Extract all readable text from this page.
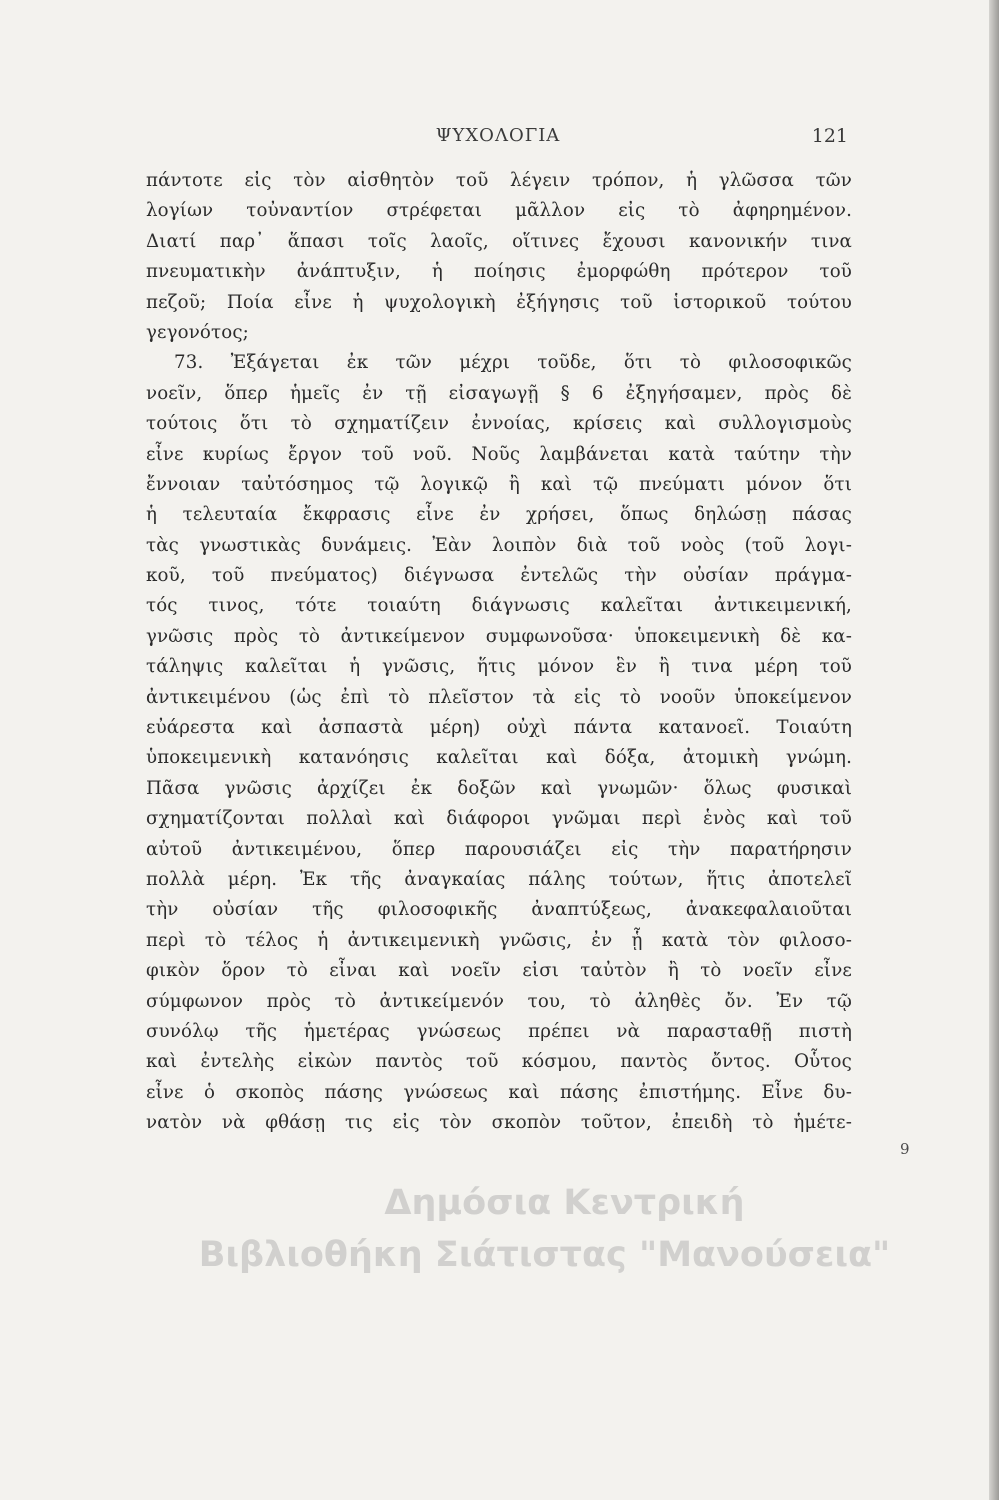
ΨΥΧΟΛΟΓΙΑ	121
πάντοτε εἰς τὸν αἰσθητὸν τοῦ λέγειν τρόπον, ἡ γλῶσσα τῶν
λογίων τοὐναντίον στρέφεται μᾶλλον εἰς τὸ ἀφηρημένον.
Διατί παρ᾽ ἅπασι τοῖς λαοῖς, οἵτινες ἔχουσι κανονικήν τινα
πνευματικὴν ἀνάπτυξιν, ἡ ποίησις ἐμορφώθη πρότερον τοῦ
πεζοῦ; Ποία εἶνε ἡ ψυχολογικὴ ἐξήγησις τοῦ ἱστορικοῦ τούτου
γεγονότος;
73. Ἐξάγεται ἐκ τῶν μέχρι τοῦδε, ὅτι τὸ φιλοσοφικῶς
νοεῖν, ὅπερ ἡμεῖς ἐν τῇ εἰσαγωγῇ § 6 ἐξηγήσαμεν, πρὸς δὲ
τούτοις ὅτι τὸ σχηματίζειν ἐννοίας, κρίσεις καὶ συλλογισμοὺς
εἶνε κυρίως ἔργον τοῦ νοῦ. Νοῦς λαμβάνεται κατὰ ταύτην τὴν
ἔννοιαν ταὐτόσημος τῷ λογικῷ ἢ καὶ τῷ πνεύματι μόνον ὅτι
ἡ τελευταία ἔκφρασις εἶνε ἐν χρήσει, ὅπως δηλώσῃ πάσας
τὰς γνωστικὰς δυνάμεις. Ἐὰν λοιπὸν διὰ τοῦ νοὸς (τοῦ λογι-
κοῦ, τοῦ πνεύματος) διέγνωσα ἐντελῶς τὴν οὐσίαν πράγμα-
τός τινος, τότε τοιαύτη διάγνωσις καλεῖται ἀντικειμενική,
γνῶσις πρὸς τὸ ἀντικείμενον συμφωνοῦσα· ὑποκειμενικὴ δὲ κα-
τάληψις καλεῖται ἡ γνῶσις, ἥτις μόνον ἓν ἢ τινα μέρη τοῦ
ἀντικειμένου (ὡς ἐπὶ τὸ πλεῖστον τὰ εἰς τὸ νοοῦν ὑποκείμενον
εὐάρεστα καὶ ἀσπαστὰ μέρη) οὐχὶ πάντα κατανοεῖ. Τοιαύτη
ὑποκειμενικὴ κατανόησις καλεῖται καὶ δόξα, ἀτομικὴ γνώμη.
Πᾶσα γνῶσις ἀρχίζει ἐκ δοξῶν καὶ γνωμῶν· ὅλως φυσικαὶ
σχηματίζονται πολλαὶ καὶ διάφοροι γνῶμαι περὶ ἑνὸς καὶ τοῦ
αὐτοῦ ἀντικειμένου, ὅπερ παρουσιάζει εἰς τὴν παρατήρησιν
πολλὰ μέρη. Ἐκ τῆς ἀναγκαίας πάλης τούτων, ἥτις ἀποτελεῖ
τὴν οὐσίαν τῆς φιλοσοφικῆς ἀναπτύξεως, ἀνακεφαλαιοῦται
περὶ τὸ τέλος ἡ ἀντικειμενικὴ γνῶσις, ἐν ᾗ κατὰ τὸν φιλοσο-
φικὸν ὅρον τὸ εἶναι καὶ νοεῖν εἰσι ταὐτὸν ἢ τὸ νοεῖν εἶνε
σύμφωνον πρὸς τὸ ἀντικείμενόν του, τὸ ἀληθὲς ὄν. Ἐν τῷ
συνόλῳ τῆς ἡμετέρας γνώσεως πρέπει νὰ παρασταθῇ πιστὴ
καὶ ἐντελὴς εἰκὼν παντὸς τοῦ κόσμου, παντὸς ὄντος. Οὗτος
εἶνε ὁ σκοπὸς πάσης γνώσεως καὶ πάσης ἐπιστήμης. Εἶνε δυ-
νατὸν νὰ φθάσῃ τις εἰς τὸν σκοπὸν τοῦτον, ἐπειδὴ τὸ ἡμέτε-
9
Δημόσια Κεντρική
Βιβλιοθήκη Σιάτιστας "Μανούσεια"
